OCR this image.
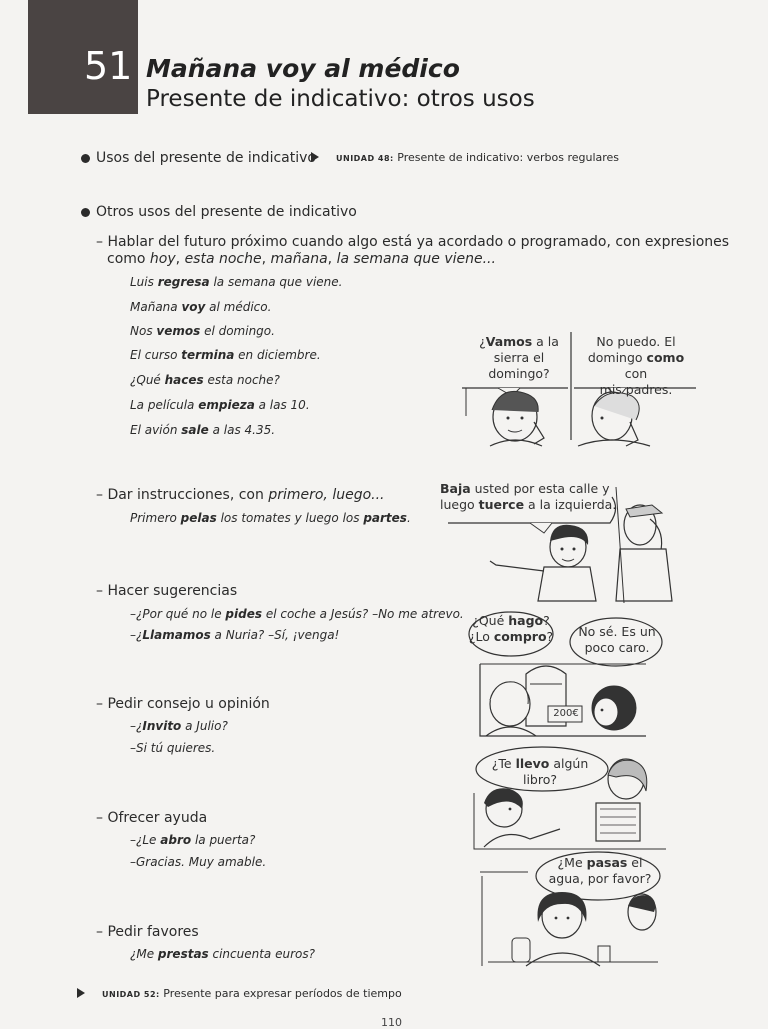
51 Mañana voy al médico
Presente de indicativo: otros usos
Usos del presente de indicativo	UNIDAD 48: Presente de indicativo: verbos regulares
Otros usos del presente de indicativo
– Hablar del futuro próximo cuando algo está ya acordado o programado, con expresiones
como hoy, esta noche, mañana, la semana que viene...
Luis regresa la semana que viene.
Mañana voy al médico.
Nos vemos el domingo.
El curso termina en diciembre.
¿Qué haces esta noche?
La película empieza a las 10.
El avión sale a las 4.35.
– Dar instrucciones, con primero, luego...
Primero pelas los tomates y luego los partes.
– Hacer sugerencias
–¿Por qué no le pides el coche a Jesús? –No me atrevo.
–¿Llamamos a Nuria? –Sí, ¡venga!
– Pedir consejo u opinión
–¿Invito a Julio?
–Si tú quieres.
– Ofrecer ayuda
–¿Le abro la puerta?
–Gracias. Muy amable.
– Pedir favores
¿Me prestas cincuenta euros?
UNIDAD 52: Presente para expresar períodos de tiempo
110
¿Vamos a la
sierra el
domingo?
No puedo. El
domingo como con
mis padres.
Baja usted por esta calle y
luego tuerce a la izquierda.
¿Qué hago?
¿Lo compro?	No sé. Es un
poco caro.
200€
¿Te llevo algún
libro?
¿Me pasas el
agua, por favor?
